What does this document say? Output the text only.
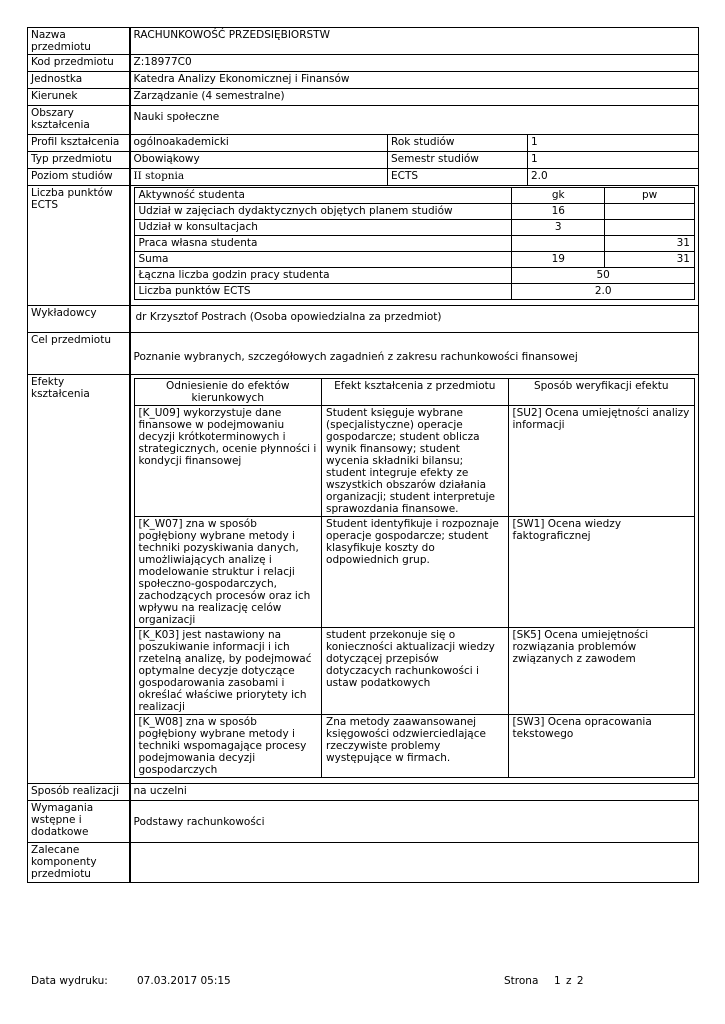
Nazwa przedmiotu	RACHUNKOWOŚĆ PRZEDSIĘBIORSTW
Kod przedmiotu	Z:18977C0
Jednostka	Katedra Analizy Ekonomicznej i Finansów
Kierunek	Zarządzanie (4 semestralne)
Obszary kształcenia	Nauki społeczne
Profil kształcenia	ogólnoakademicki	Rok studiów	1
Typ przedmiotu	Obowiąkowy	Semestr studiów	1
Poziom studiów	II stopnia	ECTS	2.0
Liczba punktów ECTS	
Aktywność studenta	gk	pw
Udział w zajęciach dydaktycznych objętych planem studiów	16	
Udział w konsultacjach	3	
Praca własna studenta		31
Suma	19	31
Łączna liczba godzin pracy studenta	50
Liczba punktów ECTS	2.0

Wykładowcy	dr Krzysztof Postrach (Osoba opowiedzialna za przedmiot)
Cel przedmiotu	Poznanie wybranych, szczegółowych zagadnień z zakresu rachunkowości finansowej
Efekty kształcenia	
Odniesienie do efektów kierunkowych	Efekt kształcenia z przedmiotu	Sposób weryfikacji efektu
[K_U09] wykorzystuje dane finansowe w podejmowaniu decyzji krótkoterminowych i strategicznych, ocenie płynności i kondycji finansowej	Student księguje wybrane (specjalistyczne) operacje gospodarcze; student oblicza wynik finansowy; student wycenia składniki bilansu; student integruje efekty ze wszystkich obszarów działania organizacji; student interpretuje sprawozdania finansowe.	[SU2] Ocena umiejętności analizy informacji
[K_W07] zna w sposób pogłębiony wybrane metody i techniki pozyskiwania danych, umożliwiających analizę i modelowanie struktur i relacji społeczno-gospodarczych, zachodzących procesów oraz ich wpływu na realizację celów organizacji	Student identyfikuje i rozpoznaje operacje gospodarcze; student klasyfikuje koszty do odpowiednich grup.	[SW1] Ocena wiedzy faktograficznej
[K_K03] jest nastawiony na poszukiwanie informacji i ich rzetelną analizę, by podejmować optymalne decyzje dotyczące gospodarowania zasobami i określać właściwe priorytety ich realizacji	student przekonuje się o konieczności aktualizacji wiedzy dotyczącej przepisów dotyczacych rachunkowości i ustaw podatkowych	[SK5] Ocena umiejętności rozwiązania problemów związanych z zawodem
[K_W08] zna w sposób pogłębiony wybrane metody i techniki wspomagające procesy podejmowania decyzji gospodarczych	Zna metody zaawansowanej księgowości odzwierciedlające rzeczywiste problemy występujące w firmach.	[SW3] Ocena opracowania tekstowego

Sposób realizacji	na uczelni
Wymagania wstępne i dodatkowe	Podstawy rachunkowości
Zalecane komponenty przedmiotu	
Data wydruku:	07.03.2017 05:15	Strona 1 z 2
